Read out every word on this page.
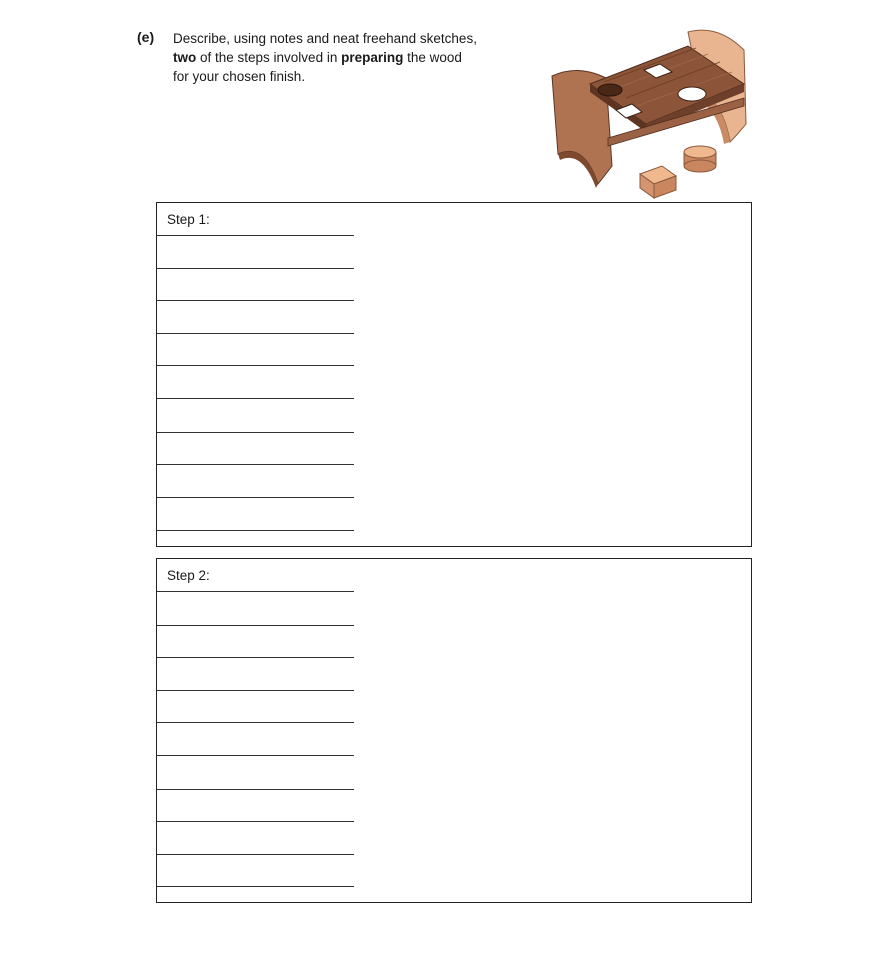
(e) Describe, using notes and neat freehand sketches,
two of the steps involved in preparing the wood
for your chosen finish.
Step 1:
Step 2:
